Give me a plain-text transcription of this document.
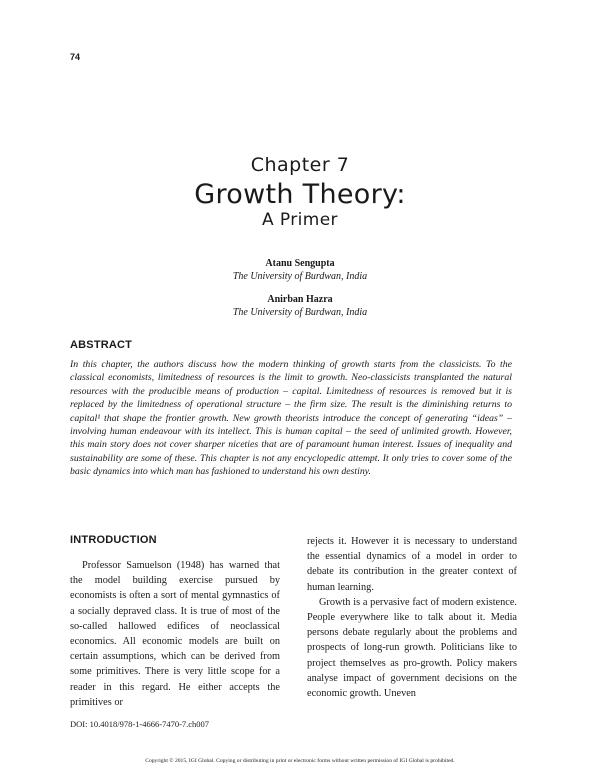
74
Chapter 7
Growth Theory:
A Primer
Atanu Sengupta
The University of Burdwan, India
Anirban Hazra
The University of Burdwan, India
ABSTRACT

In this chapter, the authors discuss how the modern thinking of growth starts from the classicists. To the classical economists, limitedness of resources is the limit to growth. Neo-classicists transplanted the natural resources with the producible means of production – capital. Limitedness of resources is removed but it is replaced by the limitedness of operational structure – the firm size. The result is the diminishing returns to capital¹ that shape the frontier growth. New growth theorists introduce the concept of generating “ideas” – involving human endeavour with its intellect. This is human capital – the seed of unlimited growth. However, this main story does not cover sharper niceties that are of paramount human interest. Issues of inequality and sustainability are some of these. This chapter is not any encyclopedic attempt. It only tries to cover some of the basic dynamics into which man has fashioned to understand his own destiny.

INTRODUCTION

Professor Samuelson (1948) has warned that the model building exercise pursued by economists is often a sort of mental gymnastics of a socially depraved class. It is true of most of the so-called hallowed edifices of neoclassical economics. All economic models are built on certain assumptions, which can be derived from some primitives. There is very little scope for a reader in this regard. He either accepts the primitives or

rejects it. However it is necessary to understand the essential dynamics of a model in order to debate its contribution in the greater context of human learning.

Growth is a pervasive fact of modern existence. People everywhere like to talk about it. Media persons debate regularly about the problems and prospects of long-run growth. Politicians like to project themselves as pro-growth. Policy makers analyse impact of government decisions on the economic growth. Uneven

DOI: 10.4018/978-1-4666-7470-7.ch007
Copyright © 2015, IGI Global. Copying or distributing in print or electronic forms without written permission of IGI Global is prohibited.
